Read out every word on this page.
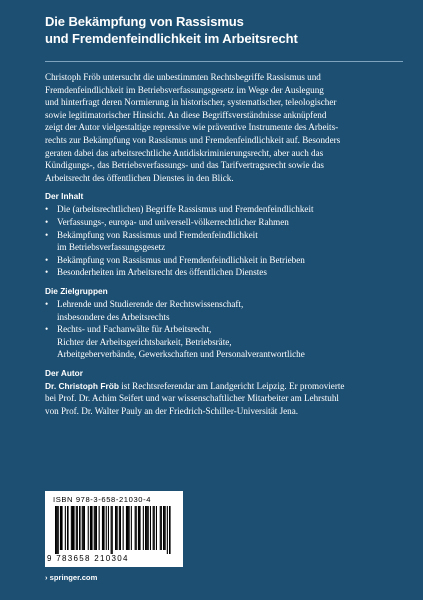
Die Bekämpfung von Rassismus
und Fremdenfeindlichkeit im Arbeitsrecht
Christoph Fröb untersucht die unbestimmten Rechtsbegriffe Rassismus und
Fremdenfeindlichkeit im Betriebsverfassungsgesetz im Wege der Auslegung
und hinterfragt deren Normierung in historischer, systematischer, teleologischer
sowie legitimatorischer Hinsicht. An diese Begriffsverständnisse anknüpfend
zeigt der Autor vielgestaltige repressive wie präventive Instrumente des Arbeits-
rechts zur Bekämpfung von Rassismus und Fremdenfeindlichkeit auf. Besonders
geraten dabei das arbeitsrechtliche Antidiskriminierungsrecht, aber auch das
Kündigungs-, das Betriebsverfassungs- und das Tarifvertragsrecht sowie das
Arbeitsrecht des öffentlichen Dienstes in den Blick.
Der Inhalt
• Die (arbeitsrechtlichen) Begriffe Rassismus und Fremdenfeindlichkeit
• Verfassungs-, europa- und universell-völkerrechtlicher Rahmen
• Bekämpfung von Rassismus und Fremdenfeindlichkeit
im Betriebsverfassungsgesetz
• Bekämpfung von Rassismus und Fremdenfeindlichkeit in Betrieben
• Besonderheiten im Arbeitsrecht des öffentlichen Dienstes
Die Zielgruppen
• Lehrende und Studierende der Rechtswissenschaft,
insbesondere des Arbeitsrechts
• Rechts- und Fachanwälte für Arbeitsrecht,
Richter der Arbeitsgerichtsbarkeit, Betriebsräte,
Arbeitgeberverbände, Gewerkschaften und Personalverantwortliche
Der Autor
Dr. Christoph Fröb ist Rechtsreferendar am Landgericht Leipzig. Er promovierte
bei Prof. Dr. Achim Seifert und war wissenschaftlicher Mitarbeiter am Lehrstuhl
von Prof. Dr. Walter Pauly an der Friedrich-Schiller-Universität Jena.
ISBN 978-3-658-21030-4
9 783658 210304
› springer.com
